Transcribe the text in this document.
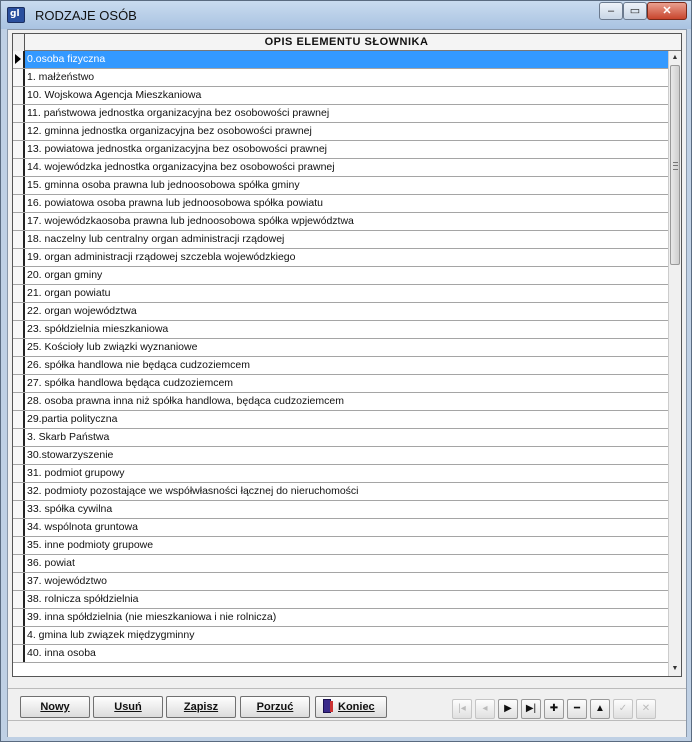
gl RODZAJE OSÓB	‒	▭	✕
OPIS ELEMENTU SŁOWNIKA
0.osoba fizyczna
1. małżeństwo
10. Wojskowa Agencja Mieszkaniowa
11. państwowa jednostka organizacyjna bez osobowości prawnej
12. gminna jednostka organizacyjna bez osobowości prawnej
13. powiatowa jednostka organizacyjna bez osobowości prawnej
14. wojewódzka jednostka organizacyjna bez osobowości prawnej
15. gminna osoba prawna lub jednoosobowa spółka gminy
16. powiatowa osoba prawna lub jednoosobowa spółka powiatu
17. wojewódzkaosoba prawna lub jednoosobowa spółka wpjewództwa
18. naczelny lub centralny organ administracji rządowej
19. organ administracji rządowej szczebla wojewódzkiego
20. organ gminy
21. organ powiatu
22. organ województwa
23. spółdzielnia mieszkaniowa
25. Kościoły lub związki wyznaniowe
26. spółka handlowa nie będąca cudzoziemcem
27. spółka handlowa będąca cudzoziemcem
28. osoba prawna inna niż spółka handlowa, będąca cudzoziemcem
29.partia polityczna
3. Skarb Państwa
30.stowarzyszenie
31. podmiot grupowy
32. podmioty pozostające we współwłasności łącznej do nieruchomości
33. spółka cywilna
34. wspólnota gruntowa
35. inne podmioty grupowe
36. powiat
37. województwo
38. rolnicza spółdzielnia
39. inna spółdzielnia (nie mieszkaniowa i nie rolnicza)
4. gmina lub związek międzygminny
40. inna osoba
▲
▼
Nowy	Usuń	Zapisz	Porzuć	Koniec	|◂	◂	▶	▶|	✚	━	▲	✓	✕
